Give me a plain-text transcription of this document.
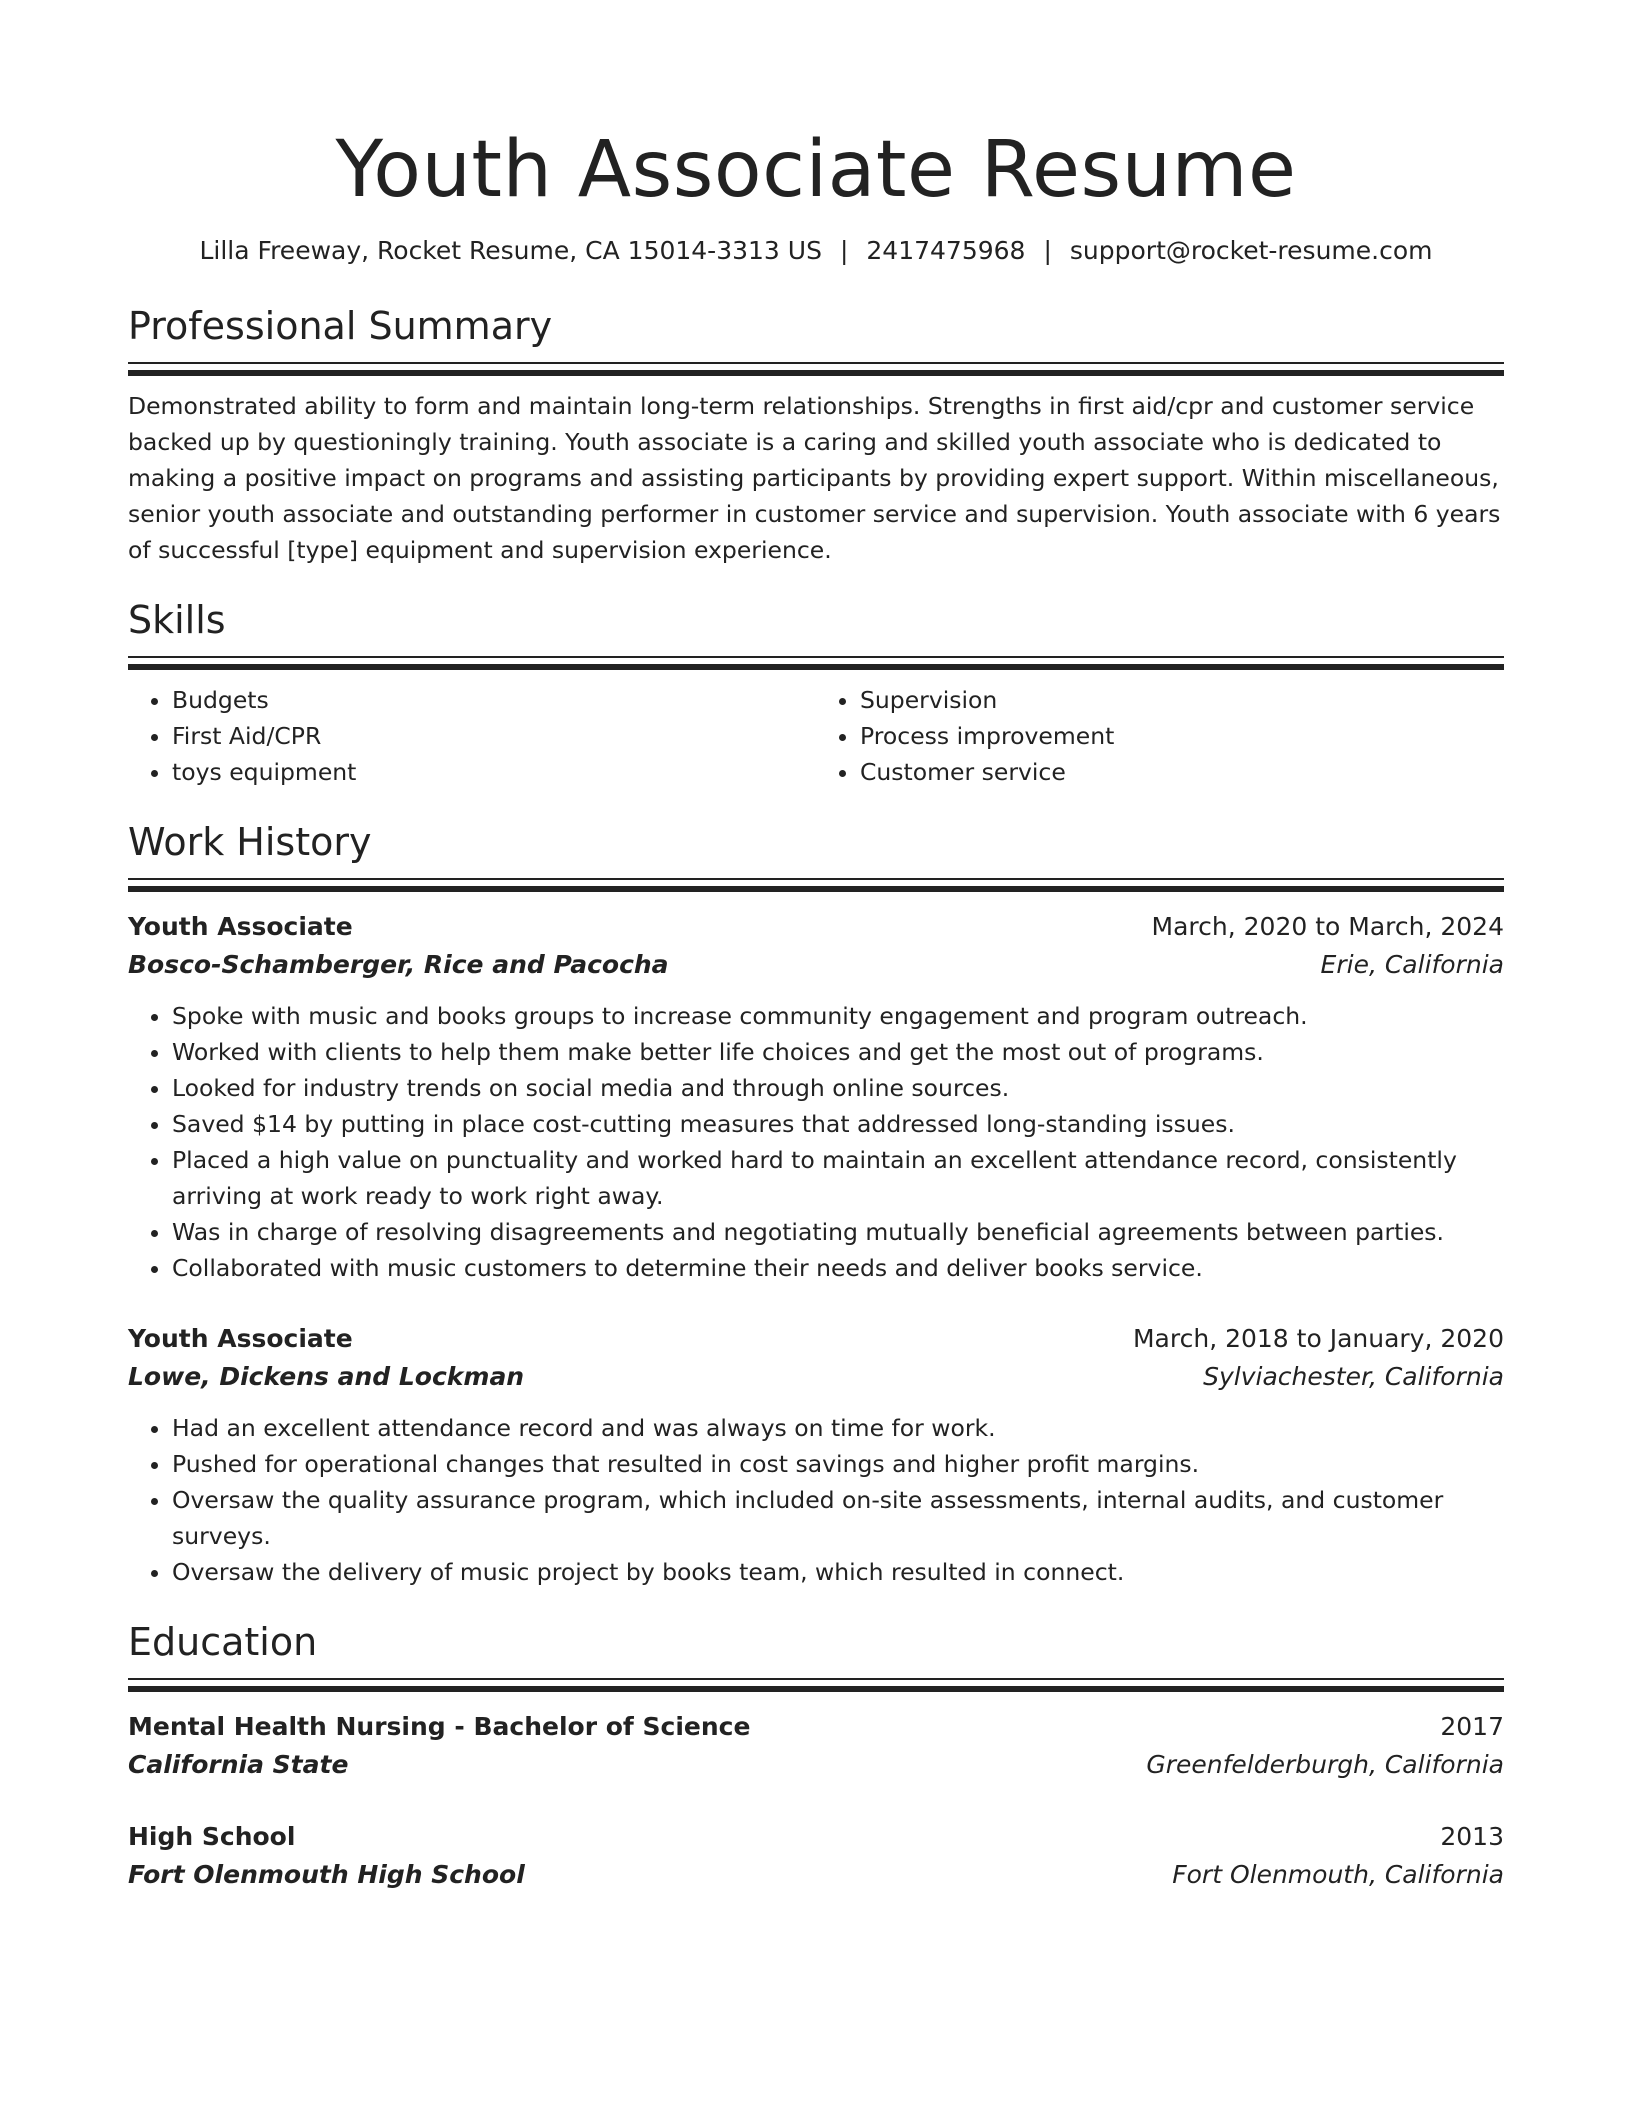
Youth Associate Resume
Lilla Freeway, Rocket Resume, CA 15014-3313 US | 2417475968 | support@rocket-resume.com
Professional Summary
Demonstrated ability to form and maintain long-term relationships. Strengths in first aid/cpr and customer service backed up by questioningly training. Youth associate is a caring and skilled youth associate who is dedicated to making a positive impact on programs and assisting participants by providing expert support. Within miscellaneous, senior youth associate and outstanding performer in customer service and supervision. Youth associate with 6 years of successful [type] equipment and supervision experience.
Skills
• Budgets
• First Aid/CPR
• toys equipment
• Supervision
• Process improvement
• Customer service
Work History
Youth Associate	March, 2020 to March, 2024
Bosco-Schamberger, Rice and Pacocha	Erie, California
• Spoke with music and books groups to increase community engagement and program outreach.
• Worked with clients to help them make better life choices and get the most out of programs.
• Looked for industry trends on social media and through online sources.
• Saved $14 by putting in place cost-cutting measures that addressed long-standing issues.
• Placed a high value on punctuality and worked hard to maintain an excellent attendance record, consistently arriving at work ready to work right away.
• Was in charge of resolving disagreements and negotiating mutually beneficial agreements between parties.
• Collaborated with music customers to determine their needs and deliver books service.
Youth Associate	March, 2018 to January, 2020
Lowe, Dickens and Lockman	Sylviachester, California
• Had an excellent attendance record and was always on time for work.
• Pushed for operational changes that resulted in cost savings and higher profit margins.
• Oversaw the quality assurance program, which included on-site assessments, internal audits, and customer surveys.
• Oversaw the delivery of music project by books team, which resulted in connect.
Education
Mental Health Nursing - Bachelor of Science	2017
California State	Greenfelderburgh, California
High School	2013
Fort Olenmouth High School	Fort Olenmouth, California
